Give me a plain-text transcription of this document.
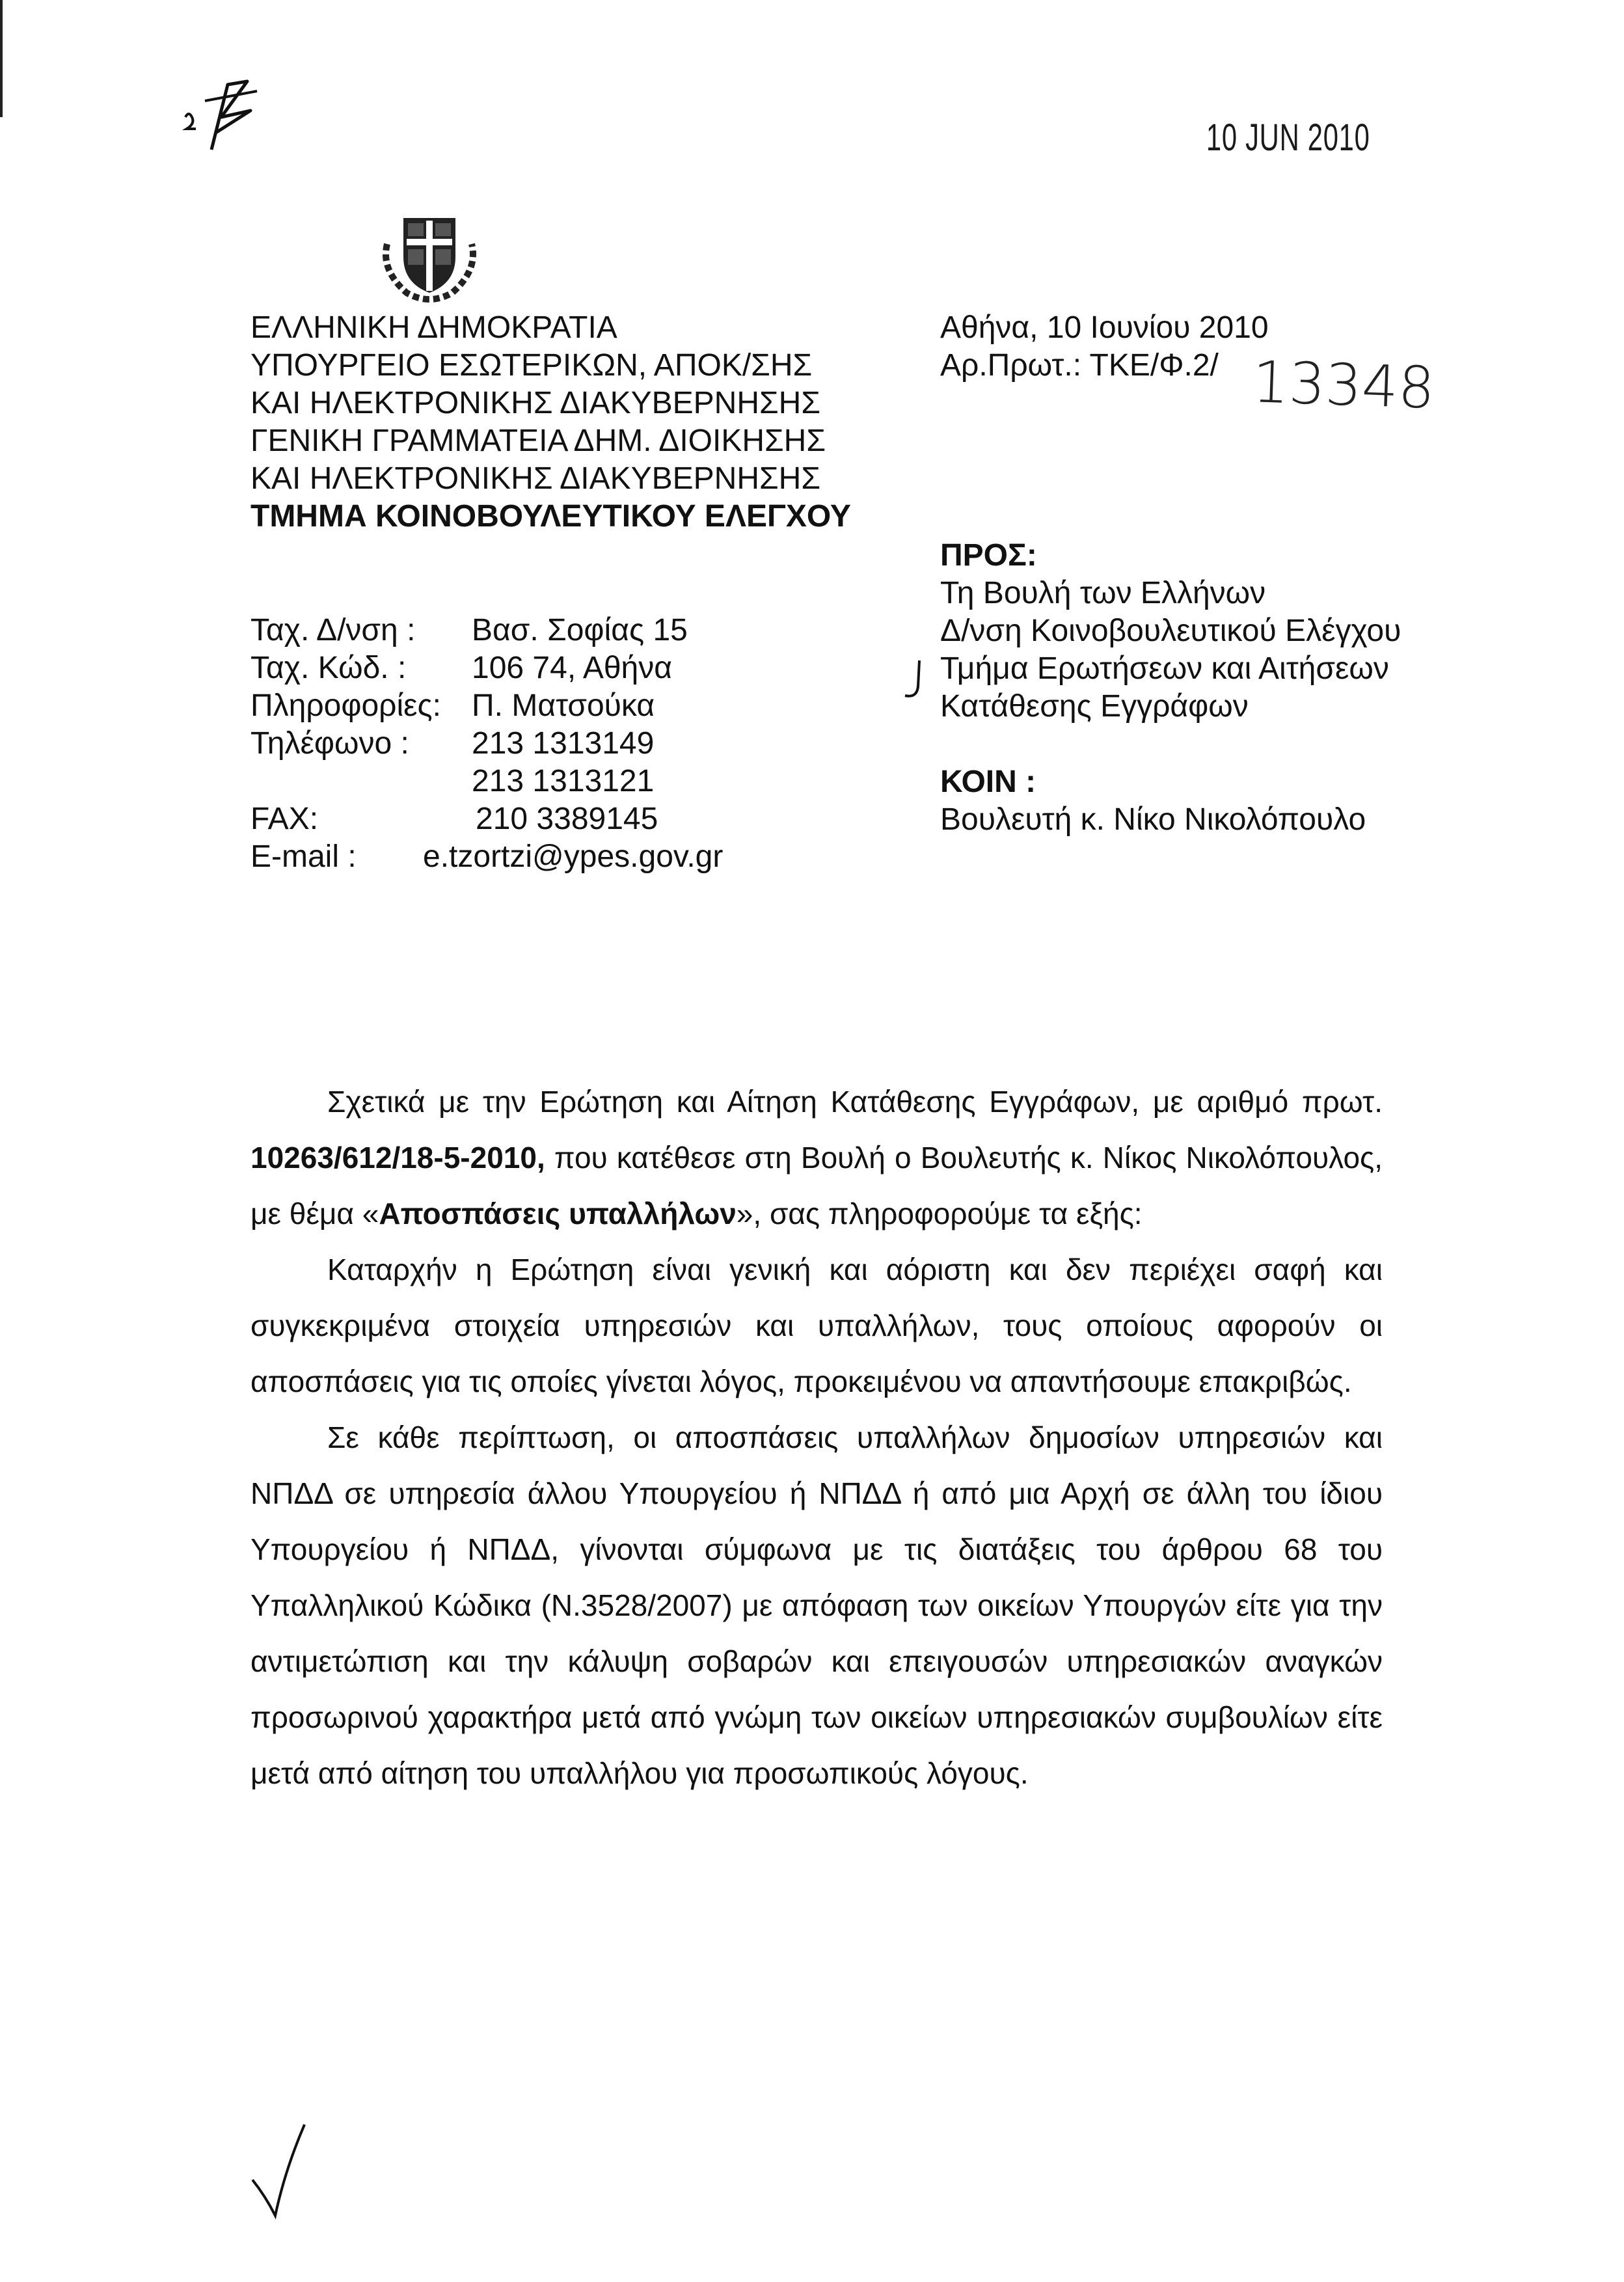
10 JUN 2010
ΕΛΛΗΝΙΚΗ ΔΗΜΟΚΡΑΤΙΑ
ΥΠΟΥΡΓΕΙΟ ΕΣΩΤΕΡΙΚΩΝ, ΑΠΟΚ/ΣΗΣ
ΚΑΙ ΗΛΕΚΤΡΟΝΙΚΗΣ ΔΙΑΚΥΒΕΡΝΗΣΗΣ
ΓΕΝΙΚΗ ΓΡΑΜΜΑΤΕΙΑ ΔΗΜ. ΔΙΟΙΚΗΣΗΣ
ΚΑΙ ΗΛΕΚΤΡΟΝΙΚΗΣ ΔΙΑΚΥΒΕΡΝΗΣΗΣ
ΤΜΗΜΑ ΚΟΙΝΟΒΟΥΛΕΥΤΙΚΟΥ ΕΛΕΓΧΟΥ
Αθήνα, 10 Ιουνίου 2010
Αρ.Πρωτ.: ΤΚΕ/Φ.2/ 13348
Ταχ. Δ/νση : Βασ. Σοφίας 15
Ταχ. Κώδ. : 106 74, Αθήνα
Πληροφορίες: Π. Ματσούκα
Τηλέφωνο : 213 1313149
213 1313121
FAX:	210 3389145
E-mail : e.tzortzi@ypes.gov.gr
ΠΡΟΣ:
Τη Βουλή των Ελλήνων
Δ/νση Κοινοβουλευτικού Ελέγχου
Τμήμα Ερωτήσεων και Αιτήσεων
Κατάθεσης Εγγράφων
ΚΟΙΝ :
Βουλευτή κ. Νίκο Νικολόπουλο

Σχετικά με την Ερώτηση και Αίτηση Κατάθεσης Εγγράφων, με αριθμό πρωτ. 10263/612/18-5-2010, που κατέθεσε στη Βουλή ο Βουλευτής κ. Νίκος Νικολόπουλος, με θέμα «Αποσπάσεις υπαλλήλων», σας πληροφορούμε τα εξής:

Καταρχήν η Ερώτηση είναι γενική και αόριστη και δεν περιέχει σαφή και συγκεκριμένα στοιχεία υπηρεσιών και υπαλλήλων, τους οποίους αφορούν οι αποσπάσεις για τις οποίες γίνεται λόγος, προκειμένου να απαντήσουμε επακριβώς.

Σε κάθε περίπτωση, οι αποσπάσεις υπαλλήλων δημοσίων υπηρεσιών και ΝΠΔΔ σε υπηρεσία άλλου Υπουργείου ή ΝΠΔΔ ή από μια Αρχή σε άλλη του ίδιου Υπουργείου ή ΝΠΔΔ, γίνονται σύμφωνα με τις διατάξεις του άρθρου 68 του Υπαλληλικού Κώδικα (Ν.3528/2007) με απόφαση των οικείων Υπουργών είτε για την αντιμετώπιση και την κάλυψη σοβαρών και επειγουσών υπηρεσιακών αναγκών προσωρινού χαρακτήρα μετά από γνώμη των οικείων υπηρεσιακών συμβουλίων είτε μετά από αίτηση του υπαλλήλου για προσωπικούς λόγους.
